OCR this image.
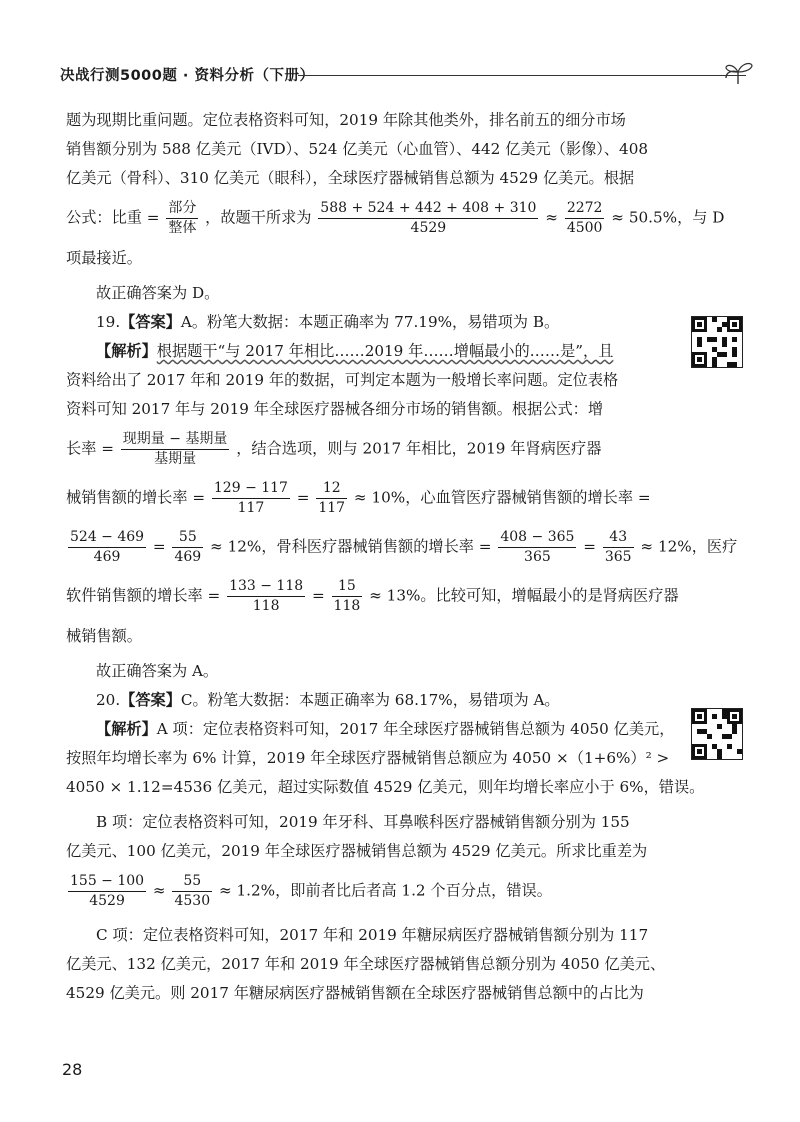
决战行测5000题 · 资料分析（下册）

题为现期比重问题。定位表格资料可知，2019 年除其他类外，排名前五的细分市场

销售额分别为 588 亿美元（IVD）、524 亿美元（心血管）、442 亿美元（影像）、408

亿美元（骨科）、310 亿美元（眼科），全球医疗器械销售总额为 4529 亿美元。根据

公式：比重 = $\frac{\text{部分}}{\text{整体}}$ ，故题干所求为 $\frac{588 + 524 + 442 + 408 + 310}{4529} \approx \frac{2272}{4500} \approx 50.5\%$，与 D

项最接近。

故正确答案为 D。

19.【答案】A。粉笔大数据：本题正确率为 77.19%，易错项为 B。

【解析】根据题干“与 2017 年相比……2019 年……增幅最小的……是”，且

资料给出了 2017 年和 2019 年的数据，可判定本题为一般增长率问题。定位表格

资料可知 2017 年与 2019 年全球医疗器械各细分市场的销售额。根据公式：增

长率 = $\frac{\text{现期量 − 基期量}}{\text{基期量}}$ ，结合选项，则与 2017 年相比，2019 年肾病医疗器
械销售额的增长率 = $\frac{129 - 117}{117} = \frac{12}{117} \approx 10\%$，心血管医疗器械销售额的增长率 =
$\frac{524 - 469}{469} = \frac{55}{469} \approx 12\%$，骨科医疗器械销售额的增长率 = $\frac{408 - 365}{365} = \frac{43}{365} \approx 12\%$，医疗
软件销售额的增长率 = $\frac{133 - 118}{118} = \frac{15}{118} \approx 13\%$。比较可知，增幅最小的是肾病医疗器

械销售额。

故正确答案为 A。

20.【答案】C。粉笔大数据：本题正确率为 68.17%，易错项为 A。

【解析】A 项：定位表格资料可知，2017 年全球医疗器械销售总额为 4050 亿美元，

按照年均增长率为 6% 计算，2019 年全球医疗器械销售总额应为 4050 ×（1+6%）² >

4050 × 1.12=4536 亿美元，超过实际数值 4529 亿美元，则年均增长率应小于 6%，错误。

B 项：定位表格资料可知，2019 年牙科、耳鼻喉科医疗器械销售额分别为 155

亿美元、100 亿美元，2019 年全球医疗器械销售总额为 4529 亿美元。所求比重差为

$\frac{155 - 100}{4529} \approx \frac{55}{4530} \approx 1.2\%$，即前者比后者高 1.2 个百分点，错误。

C 项：定位表格资料可知，2017 年和 2019 年糖尿病医疗器械销售额分别为 117

亿美元、132 亿美元，2017 年和 2019 年全球医疗器械销售总额分别为 4050 亿美元、

4529 亿美元。则 2017 年糖尿病医疗器械销售额在全球医疗器械销售总额中的占比为

28
